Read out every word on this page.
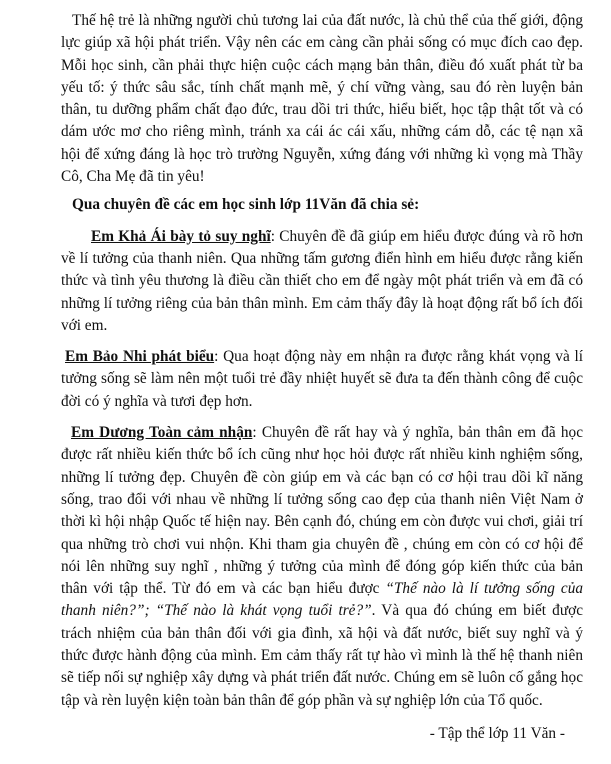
Thế hệ trẻ là những người chủ tương lai của đất nước, là chủ thể của thế giới, động lực giúp xã hội phát triển. Vậy nên các em càng cần phải sống có mục đích cao đẹp. Mỗi học sinh, cần phải thực hiện cuộc cách mạng bản thân, điều đó xuất phát từ ba yếu tố: ý thức sâu sắc, tính chất mạnh mẽ, ý chí vững vàng, sau đó rèn luyện bản thân, tu dưỡng phẩm chất đạo đức, trau dồi tri thức, hiểu biết, học tập thật tốt và có dám ước mơ cho riêng mình, tránh xa cái ác cái xấu, những cám dỗ, các tệ nạn xã hội để xứng đáng là học trò trường Nguyễn, xứng đáng với những kì vọng mà Thầy Cô, Cha Mẹ đã tin yêu!

Qua chuyên đề các em học sinh lớp 11Văn đã chia sẻ:

Em Khả Ái bày tỏ suy nghĩ: Chuyên đề đã giúp em hiểu được đúng và rõ hơn về lí tưởng của thanh niên. Qua những tấm gương điển hình em hiểu được rằng kiến thức và tình yêu thương là điều cần thiết cho em để ngày một phát triển và em đã có những lí tưởng riêng của bản thân mình. Em cảm thấy đây là hoạt động rất bổ ích đối với em.

Em Bảo Nhi phát biểu: Qua hoạt động này em nhận ra được rằng khát vọng và lí tưởng sống sẽ làm nên một tuổi trẻ đầy nhiệt huyết sẽ đưa ta đến thành công để cuộc đời có ý nghĩa và tươi đẹp hơn.

Em Dương Toàn cảm nhận: Chuyên đề rất hay và ý nghĩa, bản thân em đã học được rất nhiều kiến thức bổ ích cũng như học hỏi được rất nhiều kinh nghiệm sống, những lí tưởng đẹp. Chuyên đề còn giúp em và các bạn có cơ hội trau dồi kĩ năng sống, trao đổi với nhau về những lí tưởng sống cao đẹp của thanh niên Việt Nam ở thời kì hội nhập Quốc tế hiện nay. Bên cạnh đó, chúng em còn được vui chơi, giải trí qua những trò chơi vui nhộn. Khi tham gia chuyên đề , chúng em còn có cơ hội để nói lên những suy nghĩ , những ý tưởng của mình để đóng góp kiến thức của bản thân với tập thể. Từ đó em và các bạn hiểu được “Thế nào là lí tưởng sống của thanh niên?”; “Thế nào là khát vọng tuổi trẻ?”. Và qua đó chúng em biết được trách nhiệm của bản thân đối với gia đình, xã hội và đất nước, biết suy nghĩ và ý thức được hành động của mình. Em cảm thấy rất tự hào vì mình là thế hệ thanh niên sẽ tiếp nối sự nghiệp xây dựng và phát triển đất nước. Chúng em sẽ luôn cố gắng học tập và rèn luyện kiện toàn bản thân để góp phần và sự nghiệp lớn của Tổ quốc.

- Tập thể lớp 11 Văn -
